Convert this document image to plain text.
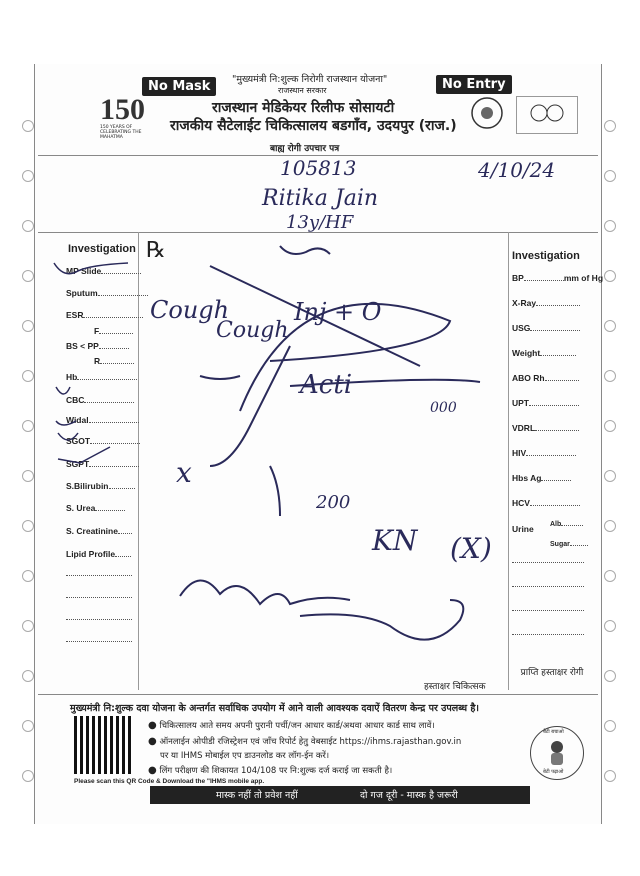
"मुख्यमंत्री नि:शुल्क निरोगी राजस्थान योजना"
राजस्थान सरकार
No Mask	No Entry
150
150 YEARS OF CELEBRATING THE MAHATMA
राजस्थान मेडिकेयर रिलीफ सोसायटी
राजकीय सैटेलाईट चिकित्सालय बडगाँव, उदयपुर (राज.)
बाह्य रोगी उपचार पत्र
105813	4/10/24
Ritika Jain
13y/HF
℞
Investigation
MP Slide
Sputum
ESR
F
BS < PP
R
Hb
CBC
Widal
SGOT
SGPT
S.Bilirubin
S. Urea
S. Creatinine
Lipid Profile
Investigation
BP	mm of Hg
X-Ray
USG
Weight
ABO Rh
UPT
VDRL
HIV
Hbs Ag
HCV
Urine Alb
Sugar
Cough
Cough
Inj + O
Acti
000
200
KN (X)
x
हस्ताक्षर चिकित्सक
प्राप्ति हस्ताक्षर रोगी
मुख्यमंत्री नि:शुल्क दवा योजना के अन्तर्गत सर्वाधिक उपयोग में आने वाली आवश्यक दवाऐं वितरण केन्द्र पर उपलब्ध है।
Please scan this QR Code & Download the "IHMS mobile app.
● चिकित्सालय आते समय अपनी पुरानी पर्ची/जन आधार कार्ड/अथवा आधार कार्ड साथ लावें।
● ऑनलाईन ओपीडी रजिस्ट्रेशन एवं जाँच रिपोर्ट हेतु वेबसाईट https://ihms.rajasthan.gov.in
पर या IHMS मोबाईल एप डाउनलोड कर लॉग-ईन करें।
● लिंग परीक्षण की शिकायत 104/108 पर नि:शुल्क दर्ज कराई जा सकती है।
बेटी बचाओ
बेटी पढ़ाओ
मास्क नहीं तो प्रवेश नहीं	दो गज दूरी - मास्क है जरूरी
